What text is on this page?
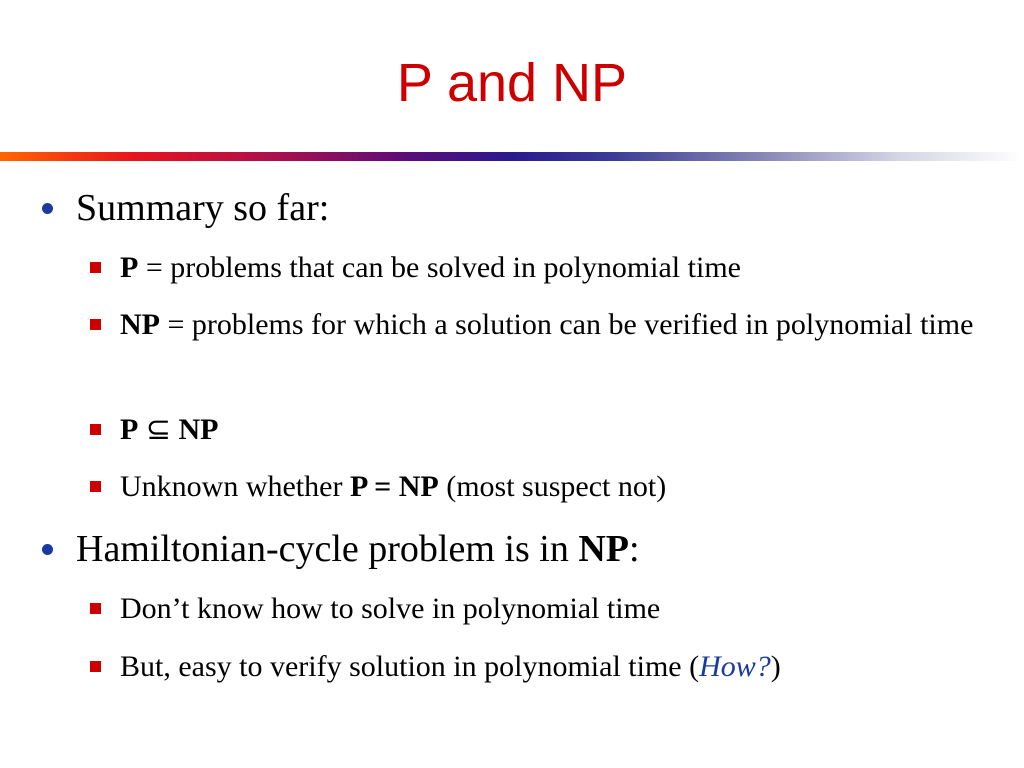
P and NP
Summary so far:
P = problems that can be solved in polynomial time
NP = problems for which a solution can be verified in polynomial time
P ⊆ NP
Unknown whether P = NP (most suspect not)
Hamiltonian-cycle problem is in NP:
Don’t know how to solve in polynomial time
But, easy to verify solution in polynomial time (How?)
